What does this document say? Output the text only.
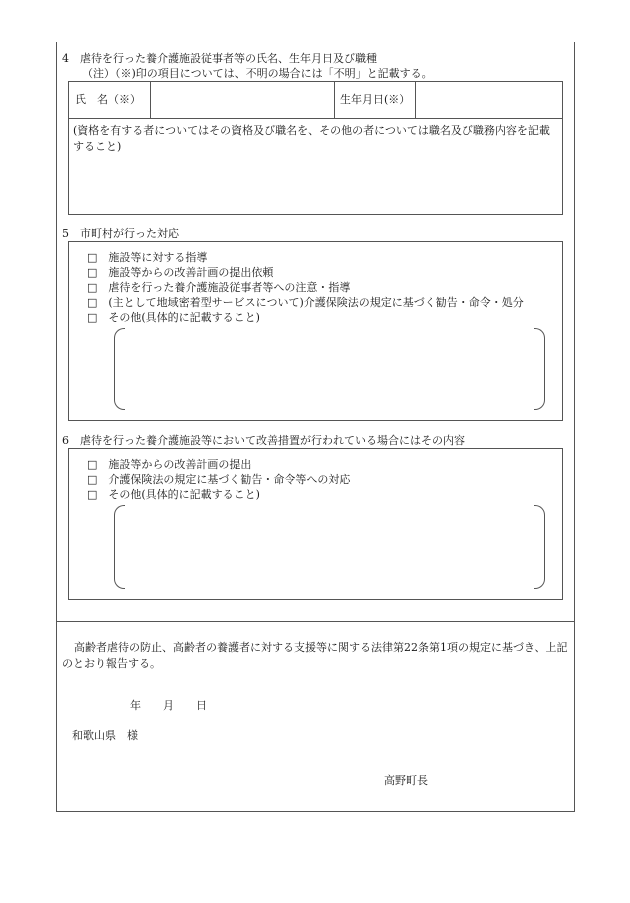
4　虐待を行った養介護施設従事者等の氏名、生年月日及び職種
（注）（※)印の項目については、不明の場合には「不明」と記載する。
氏　名（※）	生年月日(※）
(資格を有する者についてはその資格及び職名を、その他の者については職名及び職務内容を記載すること)
5　市町村が行った対応
□　施設等に対する指導
□　施設等からの改善計画の提出依頼
□　虐待を行った養介護施設従事者等への注意・指導
□　(主として地域密着型サービスについて)介護保険法の規定に基づく勧告・命令・処分
□　その他(具体的に記載すること)
6　虐待を行った養介護施設等において改善措置が行われている場合にはその内容
□　施設等からの改善計画の提出
□　介護保険法の規定に基づく勧告・命令等への対応
□　その他(具体的に記載すること)
高齢者虐待の防止、高齢者の養護者に対する支援等に関する法律第22条第1項の規定に基づき、上記のとおり報告する。
年　　月　　日
和歌山県　様
高野町長
